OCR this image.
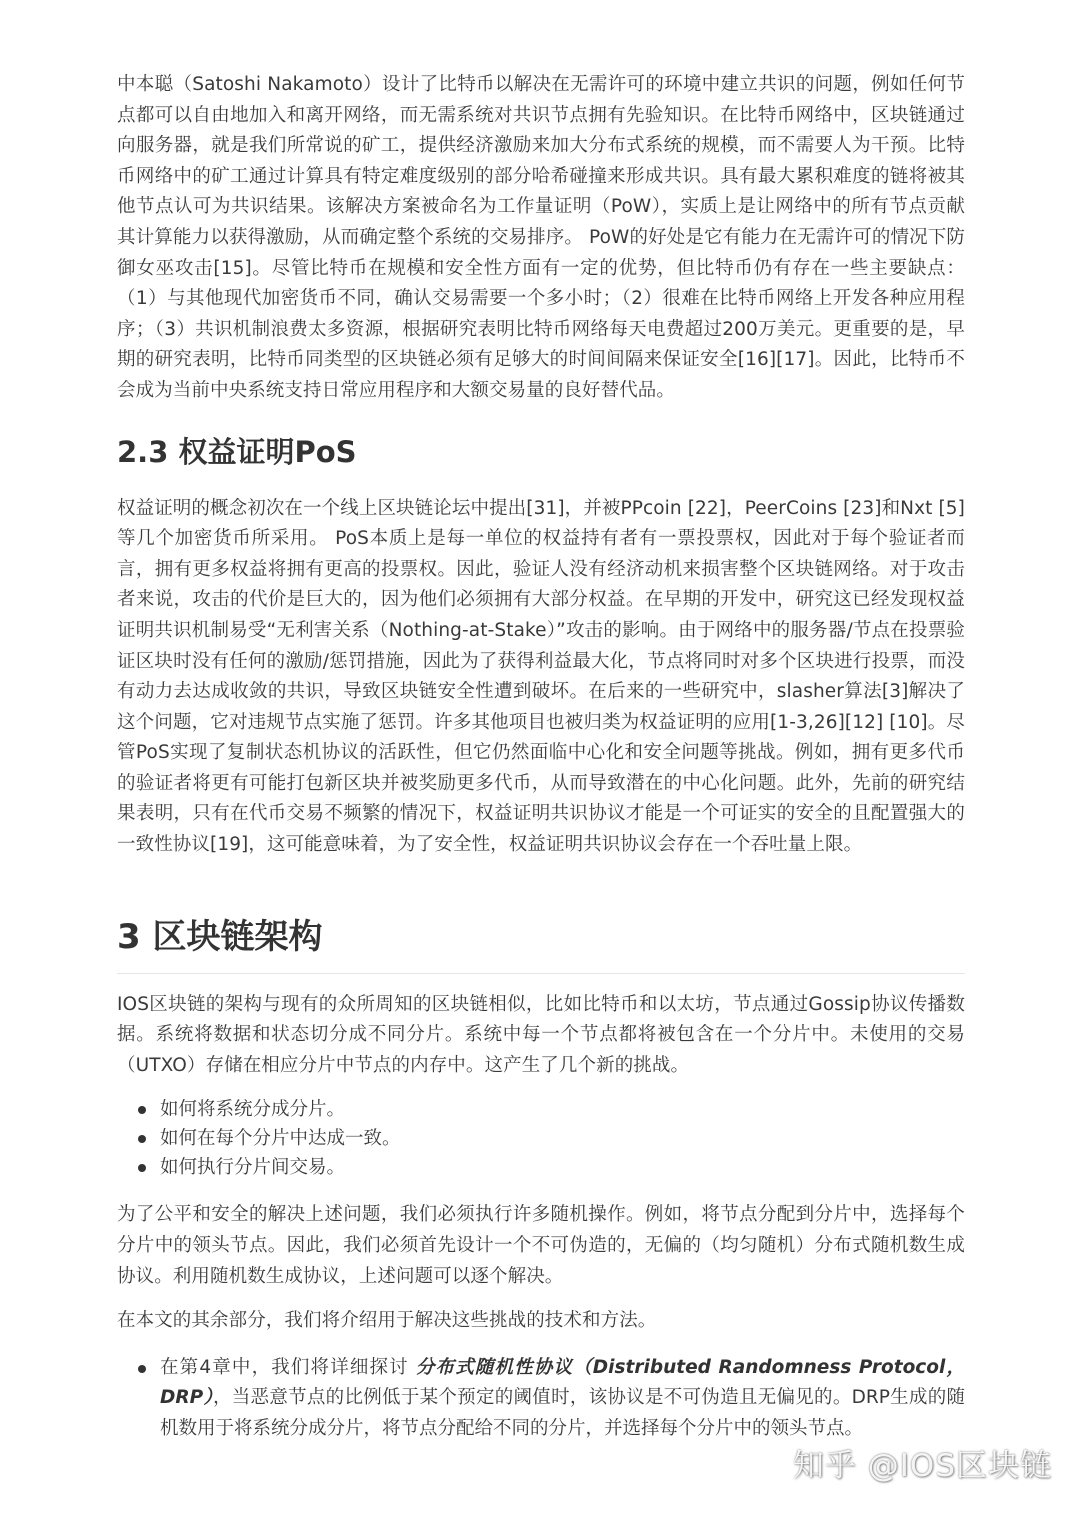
中本聪（Satoshi Nakamoto）设计了比特币以解决在无需许可的环境中建立共识的问题，例如任何节点都可以自由地加入和离开网络，而无需系统对共识节点拥有先验知识。在比特币网络中，区块链通过向服务器，就是我们所常说的矿工，提供经济激励来加大分布式系统的规模，而不需要人为干预。比特币网络中的矿工通过计算具有特定难度级别的部分哈希碰撞来形成共识。具有最大累积难度的链将被其他节点认可为共识结果。该解决方案被命名为工作量证明（PoW），实质上是让网络中的所有节点贡献其计算能力以获得激励，从而确定整个系统的交易排序。 PoW的好处是它有能力在无需许可的情况下防御女巫攻击[15]。尽管比特币在规模和安全性方面有一定的优势，但比特币仍有存在一些主要缺点：（1）与其他现代加密货币不同，确认交易需要一个多小时；（2）很难在比特币网络上开发各种应用程序；（3）共识机制浪费太多资源，根据研究表明比特币网络每天电费超过200万美元。更重要的是，早期的研究表明，比特币同类型的区块链必须有足够大的时间间隔来保证安全[16][17]。因此，比特币不会成为当前中央系统支持日常应用程序和大额交易量的良好替代品。

2.3 权益证明PoS

权益证明的概念初次在一个线上区块链论坛中提出[31]，并被PPcoin [22]，PeerCoins [23]和Nxt [5]等几个加密货币所采用。 PoS本质上是每一单位的权益持有者有一票投票权，因此对于每个验证者而言，拥有更多权益将拥有更高的投票权。因此，验证人没有经济动机来损害整个区块链网络。对于攻击者来说，攻击的代价是巨大的，因为他们必须拥有大部分权益。在早期的开发中，研究这已经发现权益证明共识机制易受“无利害关系（Nothing-at-Stake）”攻击的影响。由于网络中的服务器/节点在投票验证区块时没有任何的激励/惩罚措施，因此为了获得利益最大化，节点将同时对多个区块进行投票，而没有动力去达成收敛的共识，导致区块链安全性遭到破坏。在后来的一些研究中，slasher算法[3]解决了这个问题，它对违规节点实施了惩罚。许多其他项目也被归类为权益证明的应用[1-3,26][12] [10]。尽管PoS实现了复制状态机协议的活跃性，但它仍然面临中心化和安全问题等挑战。例如，拥有更多代币的验证者将更有可能打包新区块并被奖励更多代币，从而导致潜在的中心化问题。此外，先前的研究结果表明，只有在代币交易不频繁的情况下，权益证明共识协议才能是一个可证实的安全的且配置强大的一致性协议[19]，这可能意味着，为了安全性，权益证明共识协议会存在一个吞吐量上限。

3 区块链架构

IOS区块链的架构与现有的众所周知的区块链相似，比如比特币和以太坊，节点通过Gossip协议传播数据。系统将数据和状态切分成不同分片。系统中每一个节点都将被包含在一个分片中。未使用的交易（UTXO）存储在相应分片中节点的内存中。这产生了几个新的挑战。

如何将系统分成分片。
如何在每个分片中达成一致。
如何执行分片间交易。

为了公平和安全的解决上述问题，我们必须执行许多随机操作。例如，将节点分配到分片中，选择每个分片中的领头节点。因此，我们必须首先设计一个不可伪造的，无偏的（均匀随机）分布式随机数生成协议。利用随机数生成协议，上述问题可以逐个解决。

在本文的其余部分，我们将介绍用于解决这些挑战的技术和方法。

在第4章中，我们将详细探讨 分布式随机性协议（Distributed Randomness Protocol，DRP），当恶意节点的比例低于某个预定的阈值时，该协议是不可伪造且无偏见的。DRP生成的随机数用于将系统分成分片，将节点分配给不同的分片，并选择每个分片中的领头节点。
知乎 @IOS区块链
